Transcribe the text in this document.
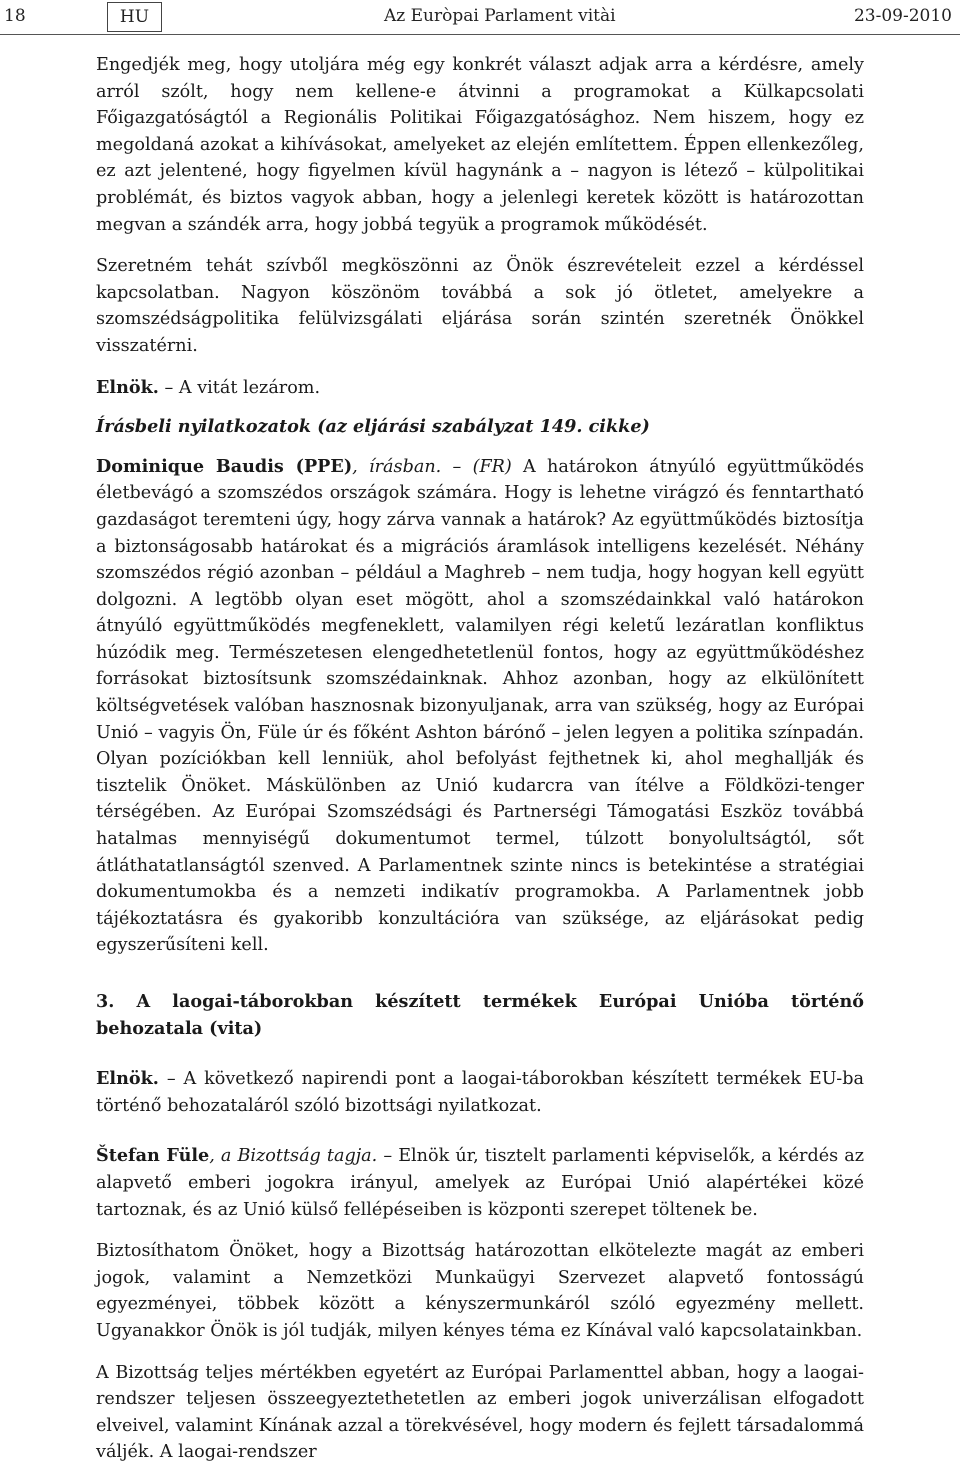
18	HU	Az Euròpai Parlament vitài	23-09-2010

Engedjék meg, hogy utoljára még egy konkrét választ adjak arra a kérdésre, amely arról szólt, hogy nem kellene-e átvinni a programokat a Külkapcsolati Főigazgatóságtól a Regionális Politikai Főigazgatósághoz. Nem hiszem, hogy ez megoldaná azokat a kihívásokat, amelyeket az elején említettem. Éppen ellenkezőleg, ez azt jelentené, hogy figyelmen kívül hagynánk a – nagyon is létező – külpolitikai problémát, és biztos vagyok abban, hogy a jelenlegi keretek között is határozottan megvan a szándék arra, hogy jobbá tegyük a programok működését.

Szeretném tehát szívből megköszönni az Önök észrevételeit ezzel a kérdéssel kapcsolatban. Nagyon köszönöm továbbá a sok jó ötletet, amelyekre a szomszédságpolitika felülvizsgálati eljárása során szintén szeretnék Önökkel visszatérni.

Elnök. – A vitát lezárom.

Írásbeli nyilatkozatok (az eljárási szabályzat 149. cikke)

Dominique Baudis (PPE), írásban. – (FR) A határokon átnyúló együttműködés életbevágó a szomszédos országok számára. Hogy is lehetne virágzó és fenntartható gazdaságot teremteni úgy, hogy zárva vannak a határok? Az együttműködés biztosítja a biztonságosabb határokat és a migrációs áramlások intelligens kezelését. Néhány szomszédos régió azonban – például a Maghreb – nem tudja, hogy hogyan kell együtt dolgozni. A legtöbb olyan eset mögött, ahol a szomszédainkkal való határokon átnyúló együttműködés megfeneklett, valamilyen régi keletű lezáratlan konfliktus húzódik meg. Természetesen elengedhetetlenül fontos, hogy az együttműködéshez forrásokat biztosítsunk szomszédainknak. Ahhoz azonban, hogy az elkülönített költségvetések valóban hasznosnak bizonyuljanak, arra van szükség, hogy az Európai Unió – vagyis Ön, Füle úr és főként Ashton bárónő – jelen legyen a politika színpadán. Olyan pozíciókban kell lenniük, ahol befolyást fejthetnek ki, ahol meghallják és tisztelik Önöket. Máskülönben az Unió kudarcra van ítélve a Földközi-tenger térségében. Az Európai Szomszédsági és Partnerségi Támogatási Eszköz továbbá hatalmas mennyiségű dokumentumot termel, túlzott bonyolultságtól, sőt átláthatatlanságtól szenved. A Parlamentnek szinte nincs is betekintése a stratégiai dokumentumokba és a nemzeti indikatív programokba. A Parlamentnek jobb tájékoztatásra és gyakoribb konzultációra van szüksége, az eljárásokat pedig egyszerűsíteni kell.

3. A laogai-táborokban készített termékek Európai Unióba történő behozatala (vita)

Elnök. – A következő napirendi pont a laogai-táborokban készített termékek EU-ba történő behozataláról szóló bizottsági nyilatkozat.

Štefan Füle, a Bizottság tagja. – Elnök úr, tisztelt parlamenti képviselők, a kérdés az alapvető emberi jogokra irányul, amelyek az Európai Unió alapértékei közé tartoznak, és az Unió külső fellépéseiben is központi szerepet töltenek be.

Biztosíthatom Önöket, hogy a Bizottság határozottan elkötelezte magát az emberi jogok, valamint a Nemzetközi Munkaügyi Szervezet alapvető fontosságú egyezményei, többek között a kényszermunkáról szóló egyezmény mellett. Ugyanakkor Önök is jól tudják, milyen kényes téma ez Kínával való kapcsolatainkban.

A Bizottság teljes mértékben egyetért az Európai Parlamenttel abban, hogy a laogai-rendszer teljesen összeegyeztethetetlen az emberi jogok univerzálisan elfogadott elveivel, valamint Kínának azzal a törekvésével, hogy modern és fejlett társadalommá váljék. A laogai-rendszer
